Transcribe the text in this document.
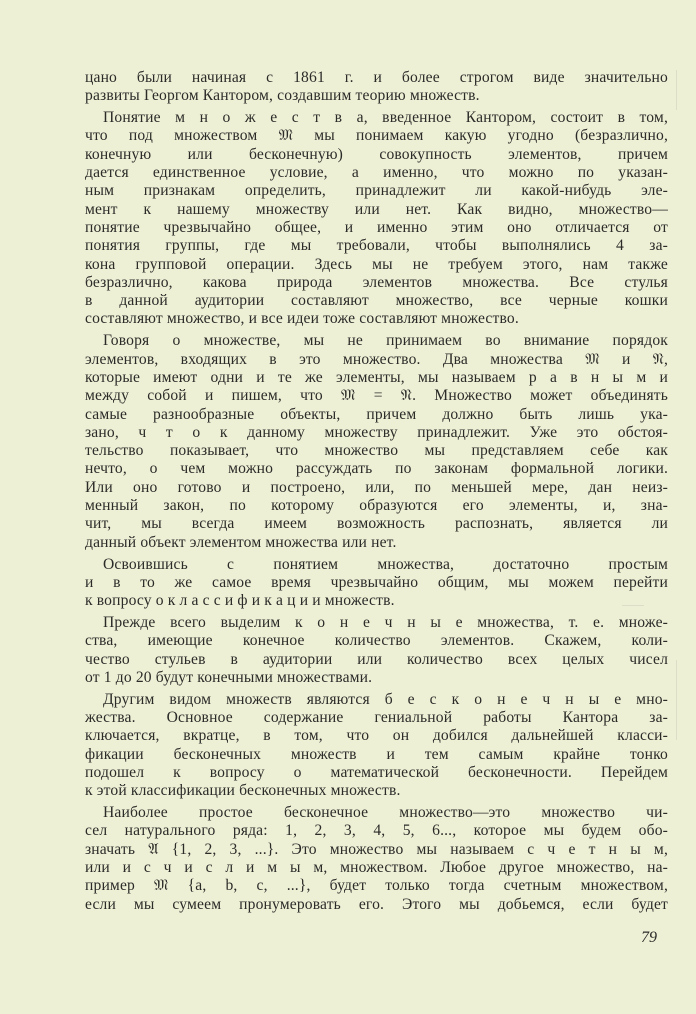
цано были начиная с 1861 г. и более строгом виде значительно
развиты Георгом Кантором, создавшим теорию множеств.
Понятие м н о ж е с т в а, введенное Кантором, состоит в том,
что под множеством 𝔐 мы понимаем какую угодно (безразлично,
конечную или бесконечную) совокупность элементов, причем
дается единственное условие, а именно, что можно по указан-
ным признакам определить, принадлежит ли какой-нибудь эле-
мент к нашему множеству или нет. Как видно, множество—
понятие чрезвычайно общее, и именно этим оно отличается от
понятия группы, где мы требовали, чтобы выполнялись 4 за-
кона групповой операции. Здесь мы не требуем этого, нам также
безразлично, какова природа элементов множества. Все стулья
в данной аудитории составляют множество, все черные кошки
составляют множество, и все идеи тоже составляют множество.
Говоря о множестве, мы не принимаем во внимание порядок
элементов, входящих в это множество. Два множества 𝔐 и 𝔑,
которые имеют одни и те же элементы, мы называем р а в н ы м и
между собой и пишем, что 𝔐 = 𝔑. Множество может объединять
самые разнообразные объекты, причем должно быть лишь ука-
зано, ч т о к данному множеству принадлежит. Уже это обстоя-
тельство показывает, что множество мы представляем себе как
нечто, о чем можно рассуждать по законам формальной логики.
Или оно готово и построено, или, по меньшей мере, дан неиз-
менный закон, по которому образуются его элементы, и, зна-
чит, мы всегда имеем возможность распознать, является ли
данный объект элементом множества или нет.
Освоившись с понятием множества, достаточно простым
и в то же самое время чрезвычайно общим, мы можем перейти
к вопросу о к л а с с и ф и к а ц и и множеств.
Прежде всего выделим к о н е ч н ы е множества, т. е. множе-
ства, имеющие конечное количество элементов. Скажем, коли-
чество стульев в аудитории или количество всех целых чисел
от 1 до 20 будут конечными множествами.
Другим видом множеств являются б е с к о н е ч н ы е мно-
жества. Основное содержание гениальной работы Кантора за-
ключается, вкратце, в том, что он добился дальнейшей класси-
фикации бесконечных множеств и тем самым крайне тонко
подошел к вопросу о математической бесконечности. Перейдем
к этой классификации бесконечных множеств.
Наиболее простое бесконечное множество—это множество чи-
сел натурального ряда: 1, 2, 3, 4, 5, 6..., которое мы будем обо-
значать 𝔄 {1, 2, 3, ...}. Это множество мы называем с ч е т н ы м,
или и с ч и с л и м ы м, множеством. Любое другое множество, на-
пример 𝔐 {a, b, c, ...}, будет только тогда счетным множеством,
если мы сумеем пронумеровать его. Этого мы добьемся, если будет
79
